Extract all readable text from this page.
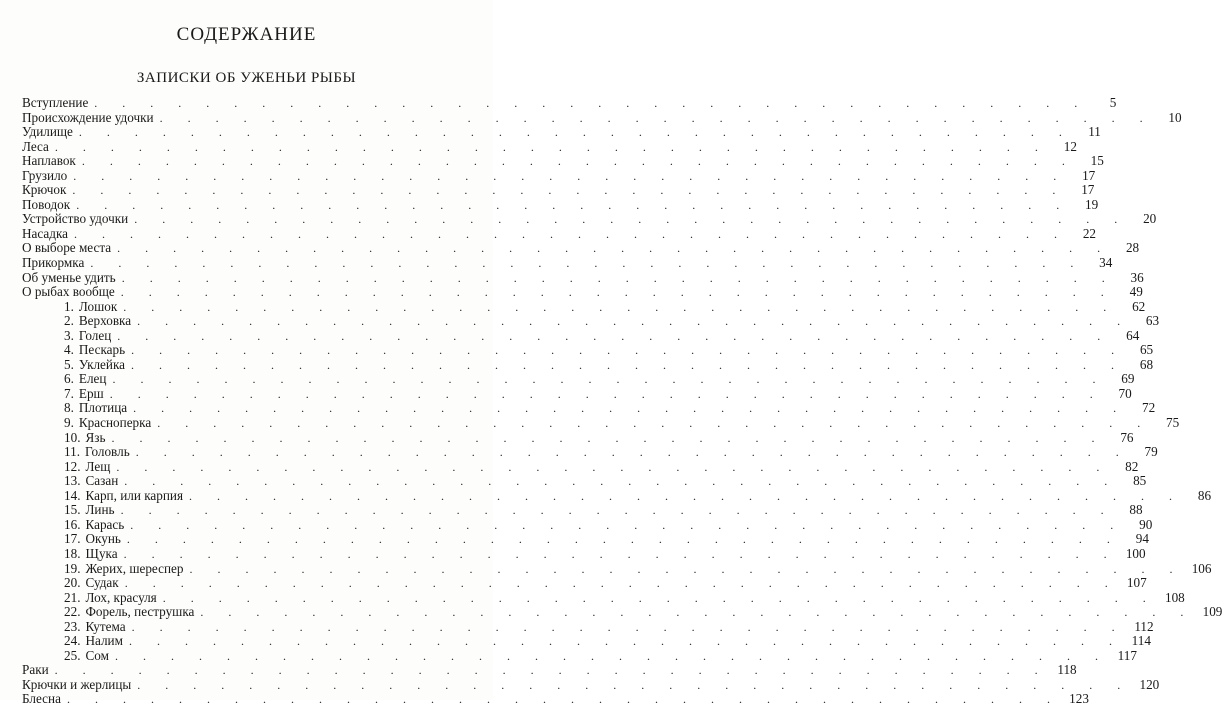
СОДЕРЖАНИЕ
ЗАПИСКИ ОБ УЖЕНЬИ РЫБЫ
Вступление . . . . . . . . . . . . . . . . . . . . . . . . . . . . . . . . . . . .	5
Происхождение удочки . . . . . . . . . . . . . . . . . . . . . . . . . . . . . . . . . . . .	10
Удилище . . . . . . . . . . . . . . . . . . . . . . . . . . . . . . . . . . . .	11
Леса . . . . . . . . . . . . . . . . . . . . . . . . . . . . . . . . . . . .	12
Наплавок . . . . . . . . . . . . . . . . . . . . . . . . . . . . . . . . . . . .	15
Грузило . . . . . . . . . . . . . . . . . . . . . . . . . . . . . . . . . . . .	17
Крючок . . . . . . . . . . . . . . . . . . . . . . . . . . . . . . . . . . . .	17
Поводок . . . . . . . . . . . . . . . . . . . . . . . . . . . . . . . . . . . .	19
Устройство удочки . . . . . . . . . . . . . . . . . . . . . . . . . . . . . . . . . . . .	20
Насадка . . . . . . . . . . . . . . . . . . . . . . . . . . . . . . . . . . . .	22
О выборе места . . . . . . . . . . . . . . . . . . . . . . . . . . . . . . . . . . . .	28
Прикормка . . . . . . . . . . . . . . . . . . . . . . . . . . . . . . . . . . . .	34
Об уменье удить . . . . . . . . . . . . . . . . . . . . . . . . . . . . . . . . . . . .	36
О рыбах вообще . . . . . . . . . . . . . . . . . . . . . . . . . . . . . . . . . . . .	49
1. Лошок . . . . . . . . . . . . . . . . . . . . . . . . . . . . . . . . . . . .	62
2. Верховка . . . . . . . . . . . . . . . . . . . . . . . . . . . . . . . . . . . .	63
3. Голец . . . . . . . . . . . . . . . . . . . . . . . . . . . . . . . . . . . .	64
4. Пескарь . . . . . . . . . . . . . . . . . . . . . . . . . . . . . . . . . . . .	65
5. Уклейка . . . . . . . . . . . . . . . . . . . . . . . . . . . . . . . . . . . .	68
6. Елец . . . . . . . . . . . . . . . . . . . . . . . . . . . . . . . . . . . .	69
7. Ерш . . . . . . . . . . . . . . . . . . . . . . . . . . . . . . . . . . . .	70
8. Плотица . . . . . . . . . . . . . . . . . . . . . . . . . . . . . . . . . . . .	72
9. Красноперка . . . . . . . . . . . . . . . . . . . . . . . . . . . . . . . . . . . .	75
10. Язь . . . . . . . . . . . . . . . . . . . . . . . . . . . . . . . . . . . .	76
11. Головль . . . . . . . . . . . . . . . . . . . . . . . . . . . . . . . . . . . .	79
12. Лещ . . . . . . . . . . . . . . . . . . . . . . . . . . . . . . . . . . . .	82
13. Сазан . . . . . . . . . . . . . . . . . . . . . . . . . . . . . . . . . . . .	85
14. Карп, или карпия . . . . . . . . . . . . . . . . . . . . . . . . . . . . . . . . . . . .	86
15. Линь . . . . . . . . . . . . . . . . . . . . . . . . . . . . . . . . . . . .	88
16. Карась . . . . . . . . . . . . . . . . . . . . . . . . . . . . . . . . . . . .	90
17. Окунь . . . . . . . . . . . . . . . . . . . . . . . . . . . . . . . . . . . .	94
18. Щука . . . . . . . . . . . . . . . . . . . . . . . . . . . . . . . . . . . . 100
19. Жерих, шереспер . . . . . . . . . . . . . . . . . . . . . . . . . . . . . . . . . . . . 106
20. Судак . . . . . . . . . . . . . . . . . . . . . . . . . . . . . . . . . . . . 107
21. Лох, красуля . . . . . . . . . . . . . . . . . . . . . . . . . . . . . . . . . . . . 108
22. Форель, пеструшка . . . . . . . . . . . . . . . . . . . . . . . . . . . . . . . . . . . . 109
23. Кутема . . . . . . . . . . . . . . . . . . . . . . . . . . . . . . . . . . . . 112
24. Налим . . . . . . . . . . . . . . . . . . . . . . . . . . . . . . . . . . . . 114
25. Сом . . . . . . . . . . . . . . . . . . . . . . . . . . . . . . . . . . . . 117
Раки . . . . . . . . . . . . . . . . . . . . . . . . . . . . . . . . . . . . 118
Крючки и жерлицы . . . . . . . . . . . . . . . . . . . . . . . . . . . . . . . . . . . . 120
Блесна . . . . . . . . . . . . . . . . . . . . . . . . . . . . . . . . . . . . 123
